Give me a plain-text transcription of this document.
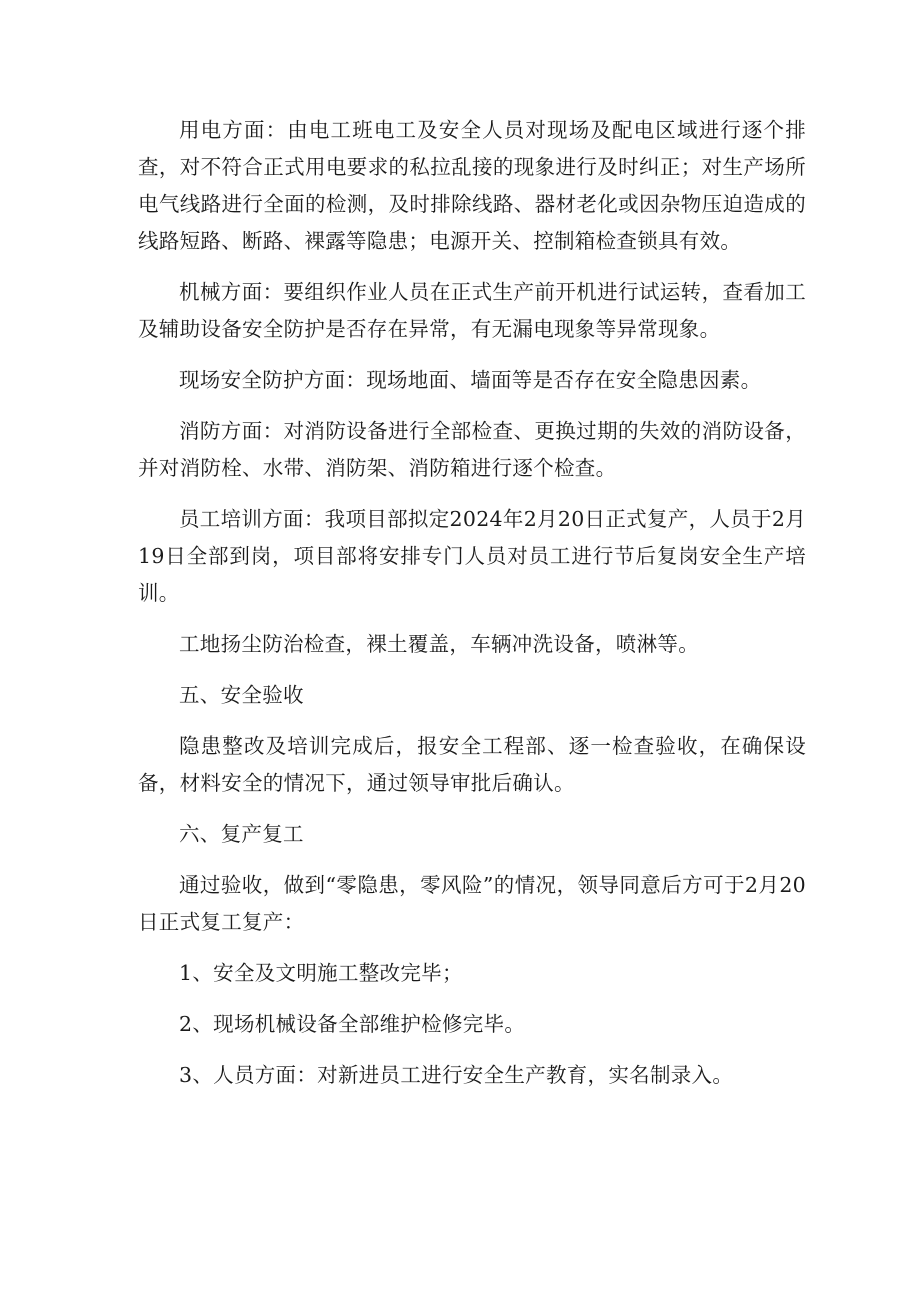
用电方面：由电工班电工及安全人员对现场及配电区域进行逐个排查，对不符合正式用电要求的私拉乱接的现象进行及时纠正；对生产场所电气线路进行全面的检测，及时排除线路、器材老化或因杂物压迫造成的线路短路、断路、裸露等隐患；电源开关、控制箱检查锁具有效。

机械方面：要组织作业人员在正式生产前开机进行试运转，查看加工及辅助设备安全防护是否存在异常，有无漏电现象等异常现象。

现场安全防护方面：现场地面、墙面等是否存在安全隐患因素。

消防方面：对消防设备进行全部检查、更换过期的失效的消防设备，并对消防栓、水带、消防架、消防箱进行逐个检查。

员工培训方面：我项目部拟定2024年2月20日正式复产，人员于2月19日全部到岗，项目部将安排专门人员对员工进行节后复岗安全生产培训。

工地扬尘防治检查，裸土覆盖，车辆冲洗设备，喷淋等。

五、安全验收

隐患整改及培训完成后，报安全工程部、逐一检查验收，在确保设备，材料安全的情况下，通过领导审批后确认。

六、复产复工

通过验收，做到“零隐患，零风险”的情况，领导同意后方可于2月20日正式复工复产：

1、安全及文明施工整改完毕；

2、现场机械设备全部维护检修完毕。

3、人员方面：对新进员工进行安全生产教育，实名制录入。
